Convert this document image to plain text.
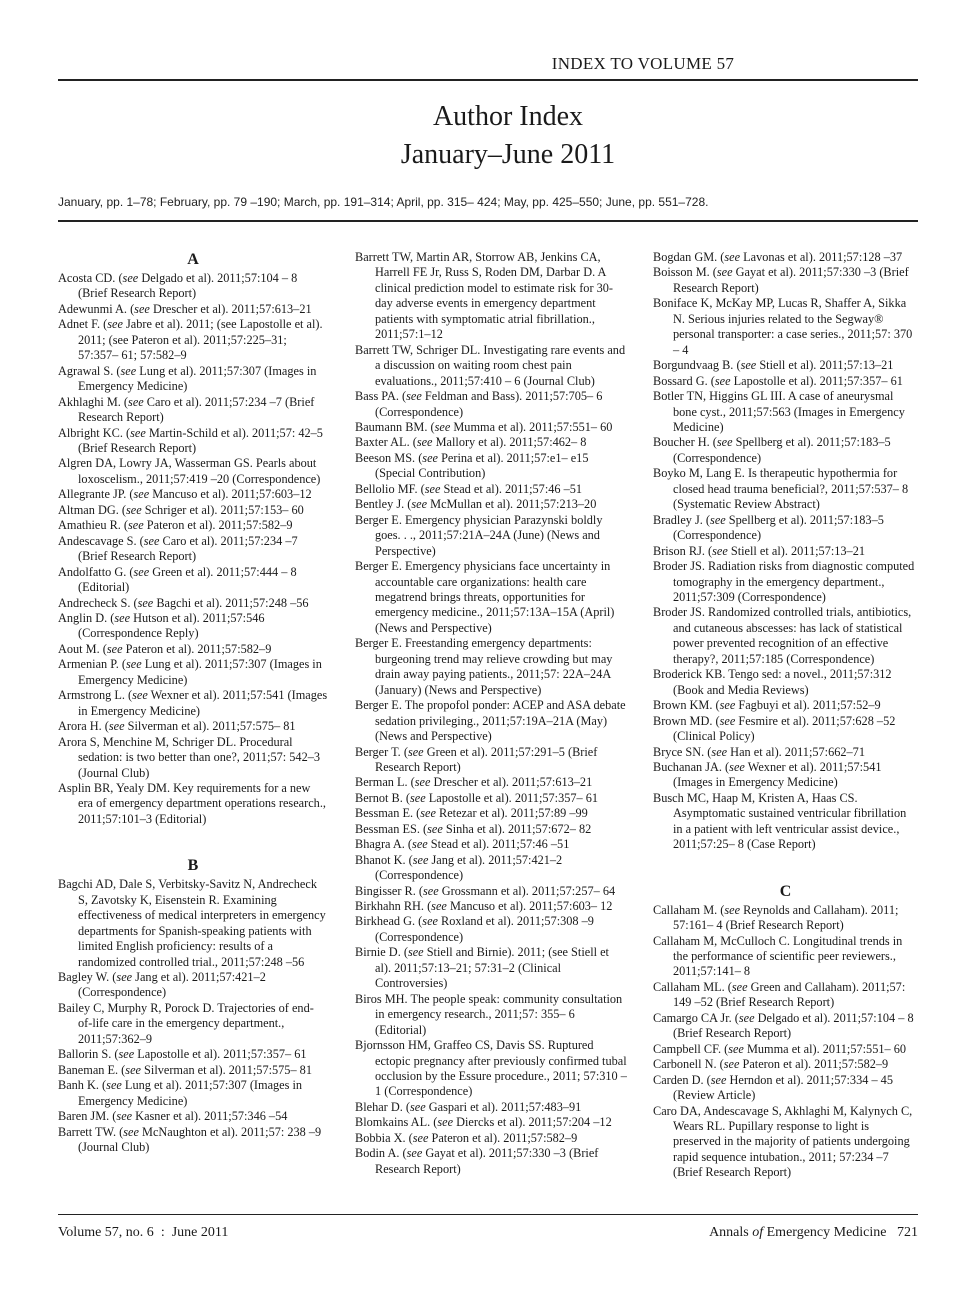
INDEX TO VOLUME 57
Author Index
January–June 2011
January, pp. 1–78; February, pp. 79 –190; March, pp. 191–314; April, pp. 315– 424; May, pp. 425–550; June, pp. 551–728.
A
Acosta CD. (see Delgado et al). 2011;57:104 – 8 (Brief Research Report)
Adewunmi A. (see Drescher et al). 2011;57:613–21
Adnet F. (see Jabre et al). 2011; (see Lapostolle et al). 2011; (see Pateron et al). 2011;57:225–31; 57:357– 61; 57:582–9
Agrawal S. (see Lung et al). 2011;57:307 (Images in Emergency Medicine)
Akhlaghi M. (see Caro et al). 2011;57:234 –7 (Brief Research Report)
Albright KC. (see Martin-Schild et al). 2011;57: 42–5 (Brief Research Report)
Algren DA, Lowry JA, Wasserman GS. Pearls about loxoscelism., 2011;57:419 –20 (Correspondence)
Allegrante JP. (see Mancuso et al). 2011;57:603–12
Altman DG. (see Schriger et al). 2011;57:153– 60
Amathieu R. (see Pateron et al). 2011;57:582–9
Andescavage S. (see Caro et al). 2011;57:234 –7 (Brief Research Report)
Andolfatto G. (see Green et al). 2011;57:444 – 8 (Editorial)
Andrecheck S. (see Bagchi et al). 2011;57:248 –56
Anglin D. (see Hutson et al). 2011;57:546 (Correspondence Reply)
Aout M. (see Pateron et al). 2011;57:582–9
Armenian P. (see Lung et al). 2011;57:307 (Images in Emergency Medicine)
Armstrong L. (see Wexner et al). 2011;57:541 (Images in Emergency Medicine)
Arora H. (see Silverman et al). 2011;57:575– 81
Arora S, Menchine M, Schriger DL. Procedural sedation: is two better than one?, 2011;57: 542–3 (Journal Club)
Asplin BR, Yealy DM. Key requirements for a new era of emergency department operations research., 2011;57:101–3 (Editorial)
B
Bagchi AD, Dale S, Verbitsky-Savitz N, Andrecheck S, Zavotsky K, Eisenstein R. Examining effectiveness of medical interpreters in emergency departments for Spanish-speaking patients with limited English proficiency: results of a randomized controlled trial., 2011;57:248 –56
Bagley W. (see Jang et al). 2011;57:421–2 (Correspondence)
Bailey C, Murphy R, Porock D. Trajectories of end-of-life care in the emergency department., 2011;57:362–9
Ballorin S. (see Lapostolle et al). 2011;57:357– 61
Baneman E. (see Silverman et al). 2011;57:575– 81
Banh K. (see Lung et al). 2011;57:307 (Images in Emergency Medicine)
Baren JM. (see Kasner et al). 2011;57:346 –54
Barrett TW. (see McNaughton et al). 2011;57: 238 –9 (Journal Club)
Barrett TW, Martin AR, Storrow AB, Jenkins CA, Harrell FE Jr, Russ S, Roden DM, Darbar D. A clinical prediction model to estimate risk for 30-day adverse events in emergency department patients with symptomatic atrial fibrillation., 2011;57:1–12
Barrett TW, Schriger DL. Investigating rare events and a discussion on waiting room chest pain evaluations., 2011;57:410 – 6 (Journal Club)
Bass PA. (see Feldman and Bass). 2011;57:705– 6 (Correspondence)
Baumann BM. (see Mumma et al). 2011;57:551– 60
Baxter AL. (see Mallory et al). 2011;57:462– 8
Beeson MS. (see Perina et al). 2011;57:e1– e15 (Special Contribution)
Bellolio MF. (see Stead et al). 2011;57:46 –51
Bentley J. (see McMullan et al). 2011;57:213–20
Berger E. Emergency physician Parazynski boldly goes. . ., 2011;57:21A–24A (June) (News and Perspective)
Berger E. Emergency physicians face uncertainty in accountable care organizations: health care megatrend brings threats, opportunities for emergency medicine., 2011;57:13A–15A (April) (News and Perspective)
Berger E. Freestanding emergency departments: burgeoning trend may relieve crowding but may drain away paying patients., 2011;57: 22A–24A (January) (News and Perspective)
Berger E. The propofol ponder: ACEP and ASA debate sedation privileging., 2011;57:19A–21A (May) (News and Perspective)
Berger T. (see Green et al). 2011;57:291–5 (Brief Research Report)
Berman L. (see Drescher et al). 2011;57:613–21
Bernot B. (see Lapostolle et al). 2011;57:357– 61
Bessman E. (see Retezar et al). 2011;57:89 –99
Bessman ES. (see Sinha et al). 2011;57:672– 82
Bhagra A. (see Stead et al). 2011;57:46 –51
Bhanot K. (see Jang et al). 2011;57:421–2 (Correspondence)
Bingisser R. (see Grossmann et al). 2011;57:257– 64
Birkhahn RH. (see Mancuso et al). 2011;57:603– 12
Birkhead G. (see Roxland et al). 2011;57:308 –9 (Correspondence)
Birnie D. (see Stiell and Birnie). 2011; (see Stiell et al). 2011;57:13–21; 57:31–2 (Clinical Controversies)
Biros MH. The people speak: community consultation in emergency research., 2011;57: 355– 6 (Editorial)
Bjornsson HM, Graffeo CS, Davis SS. Ruptured ectopic pregnancy after previously confirmed tubal occlusion by the Essure procedure., 2011; 57:310 –1 (Correspondence)
Blehar D. (see Gaspari et al). 2011;57:483–91
Blomkains AL. (see Diercks et al). 2011;57:204 –12
Bobbia X. (see Pateron et al). 2011;57:582–9
Bodin A. (see Gayat et al). 2011;57:330 –3 (Brief Research Report)
Bogdan GM. (see Lavonas et al). 2011;57:128 –37
Boisson M. (see Gayat et al). 2011;57:330 –3 (Brief Research Report)
Boniface K, McKay MP, Lucas R, Shaffer A, Sikka N. Serious injuries related to the Segway® personal transporter: a case series., 2011;57: 370 – 4
Borgundvaag B. (see Stiell et al). 2011;57:13–21
Bossard G. (see Lapostolle et al). 2011;57:357– 61
Botler TN, Higgins GL III. A case of aneurysmal bone cyst., 2011;57:563 (Images in Emergency Medicine)
Boucher H. (see Spellberg et al). 2011;57:183–5 (Correspondence)
Boyko M, Lang E. Is therapeutic hypothermia for closed head trauma beneficial?, 2011;57:537– 8 (Systematic Review Abstract)
Bradley J. (see Spellberg et al). 2011;57:183–5 (Correspondence)
Brison RJ. (see Stiell et al). 2011;57:13–21
Broder JS. Radiation risks from diagnostic computed tomography in the emergency department., 2011;57:309 (Correspondence)
Broder JS. Randomized controlled trials, antibiotics, and cutaneous abscesses: has lack of statistical power prevented recognition of an effective therapy?, 2011;57:185 (Correspondence)
Broderick KB. Tengo sed: a novel., 2011;57:312 (Book and Media Reviews)
Brown KM. (see Fagbuyi et al). 2011;57:52–9
Brown MD. (see Fesmire et al). 2011;57:628 –52 (Clinical Policy)
Bryce SN. (see Han et al). 2011;57:662–71
Buchanan JA. (see Wexner et al). 2011;57:541 (Images in Emergency Medicine)
Busch MC, Haap M, Kristen A, Haas CS. Asymptomatic sustained ventricular fibrillation in a patient with left ventricular assist device., 2011;57:25– 8 (Case Report)
C
Callaham M. (see Reynolds and Callaham). 2011; 57:161– 4 (Brief Research Report)
Callaham M, McCulloch C. Longitudinal trends in the performance of scientific peer reviewers., 2011;57:141– 8
Callaham ML. (see Green and Callaham). 2011;57: 149 –52 (Brief Research Report)
Camargo CA Jr. (see Delgado et al). 2011;57:104 – 8 (Brief Research Report)
Campbell CF. (see Mumma et al). 2011;57:551– 60
Carbonell N. (see Pateron et al). 2011;57:582–9
Carden D. (see Herndon et al). 2011;57:334 – 45 (Review Article)
Caro DA, Andescavage S, Akhlaghi M, Kalynych C, Wears RL. Pupillary response to light is preserved in the majority of patients undergoing rapid sequence intubation., 2011; 57:234 –7 (Brief Research Report)
Volume 57, no. 6 : June 2011	Annals of Emergency Medicine 721
